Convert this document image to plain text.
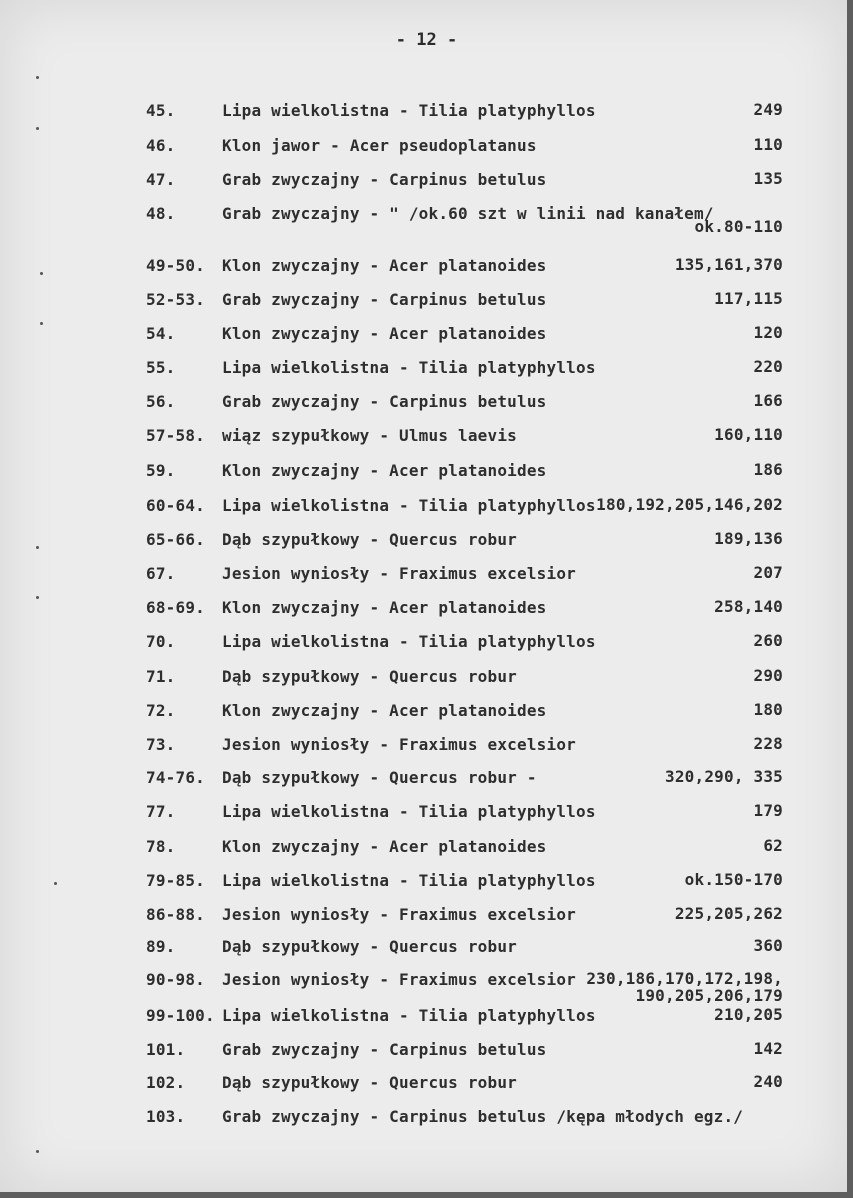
- 12 -
45.	Lipa wielkolistna - Tilia platyphyllos	249
46.	Klon jawor - Acer pseudoplatanus	110
47.	Grab zwyczajny - Carpinus betulus	135
48.	Grab zwyczajny - " /ok.60 szt w linii nad kanałem/
ok.80-110
49-50. Klon zwyczajny - Acer platanoides	135,161,370
52-53. Grab zwyczajny - Carpinus betulus	117,115
54.	Klon zwyczajny - Acer platanoides	120
55.	Lipa wielkolistna - Tilia platyphyllos	220
56.	Grab zwyczajny - Carpinus betulus	166
57-58. wiąz szypułkowy - Ulmus laevis	160,110
59.	Klon zwyczajny - Acer platanoides	186
60-64. Lipa wielkolistna - Tilia platyphyllos 180,192,205,146,202
65-66. Dąb szypułkowy - Quercus robur	189,136
67.	Jesion wyniosły - Fraximus excelsior	207
68-69. Klon zwyczajny - Acer platanoides	258,140
70.	Lipa wielkolistna - Tilia platyphyllos	260
71.	Dąb szypułkowy - Quercus robur	290
72.	Klon zwyczajny - Acer platanoides	180
73.	Jesion wyniosły - Fraximus excelsior	228
74-76. Dąb szypułkowy - Quercus robur -	320,290, 335
77.	Lipa wielkolistna - Tilia platyphyllos	179
78.	Klon zwyczajny - Acer platanoides	62
79-85. Lipa wielkolistna - Tilia platyphyllos	ok.150-170
86-88. Jesion wyniosły - Fraximus excelsior	225,205,262
89.	Dąb szypułkowy - Quercus robur	360
90-98. Jesion wyniosły - Fraximus excelsior 230,186,170,172,198,
190,205,206,179
99-100. Lipa wielkolistna - Tilia platyphyllos	210,205
101. Grab zwyczajny - Carpinus betulus	142
102. Dąb szypułkowy - Quercus robur	240
103. Grab zwyczajny - Carpinus betulus /kępa młodych egz./
